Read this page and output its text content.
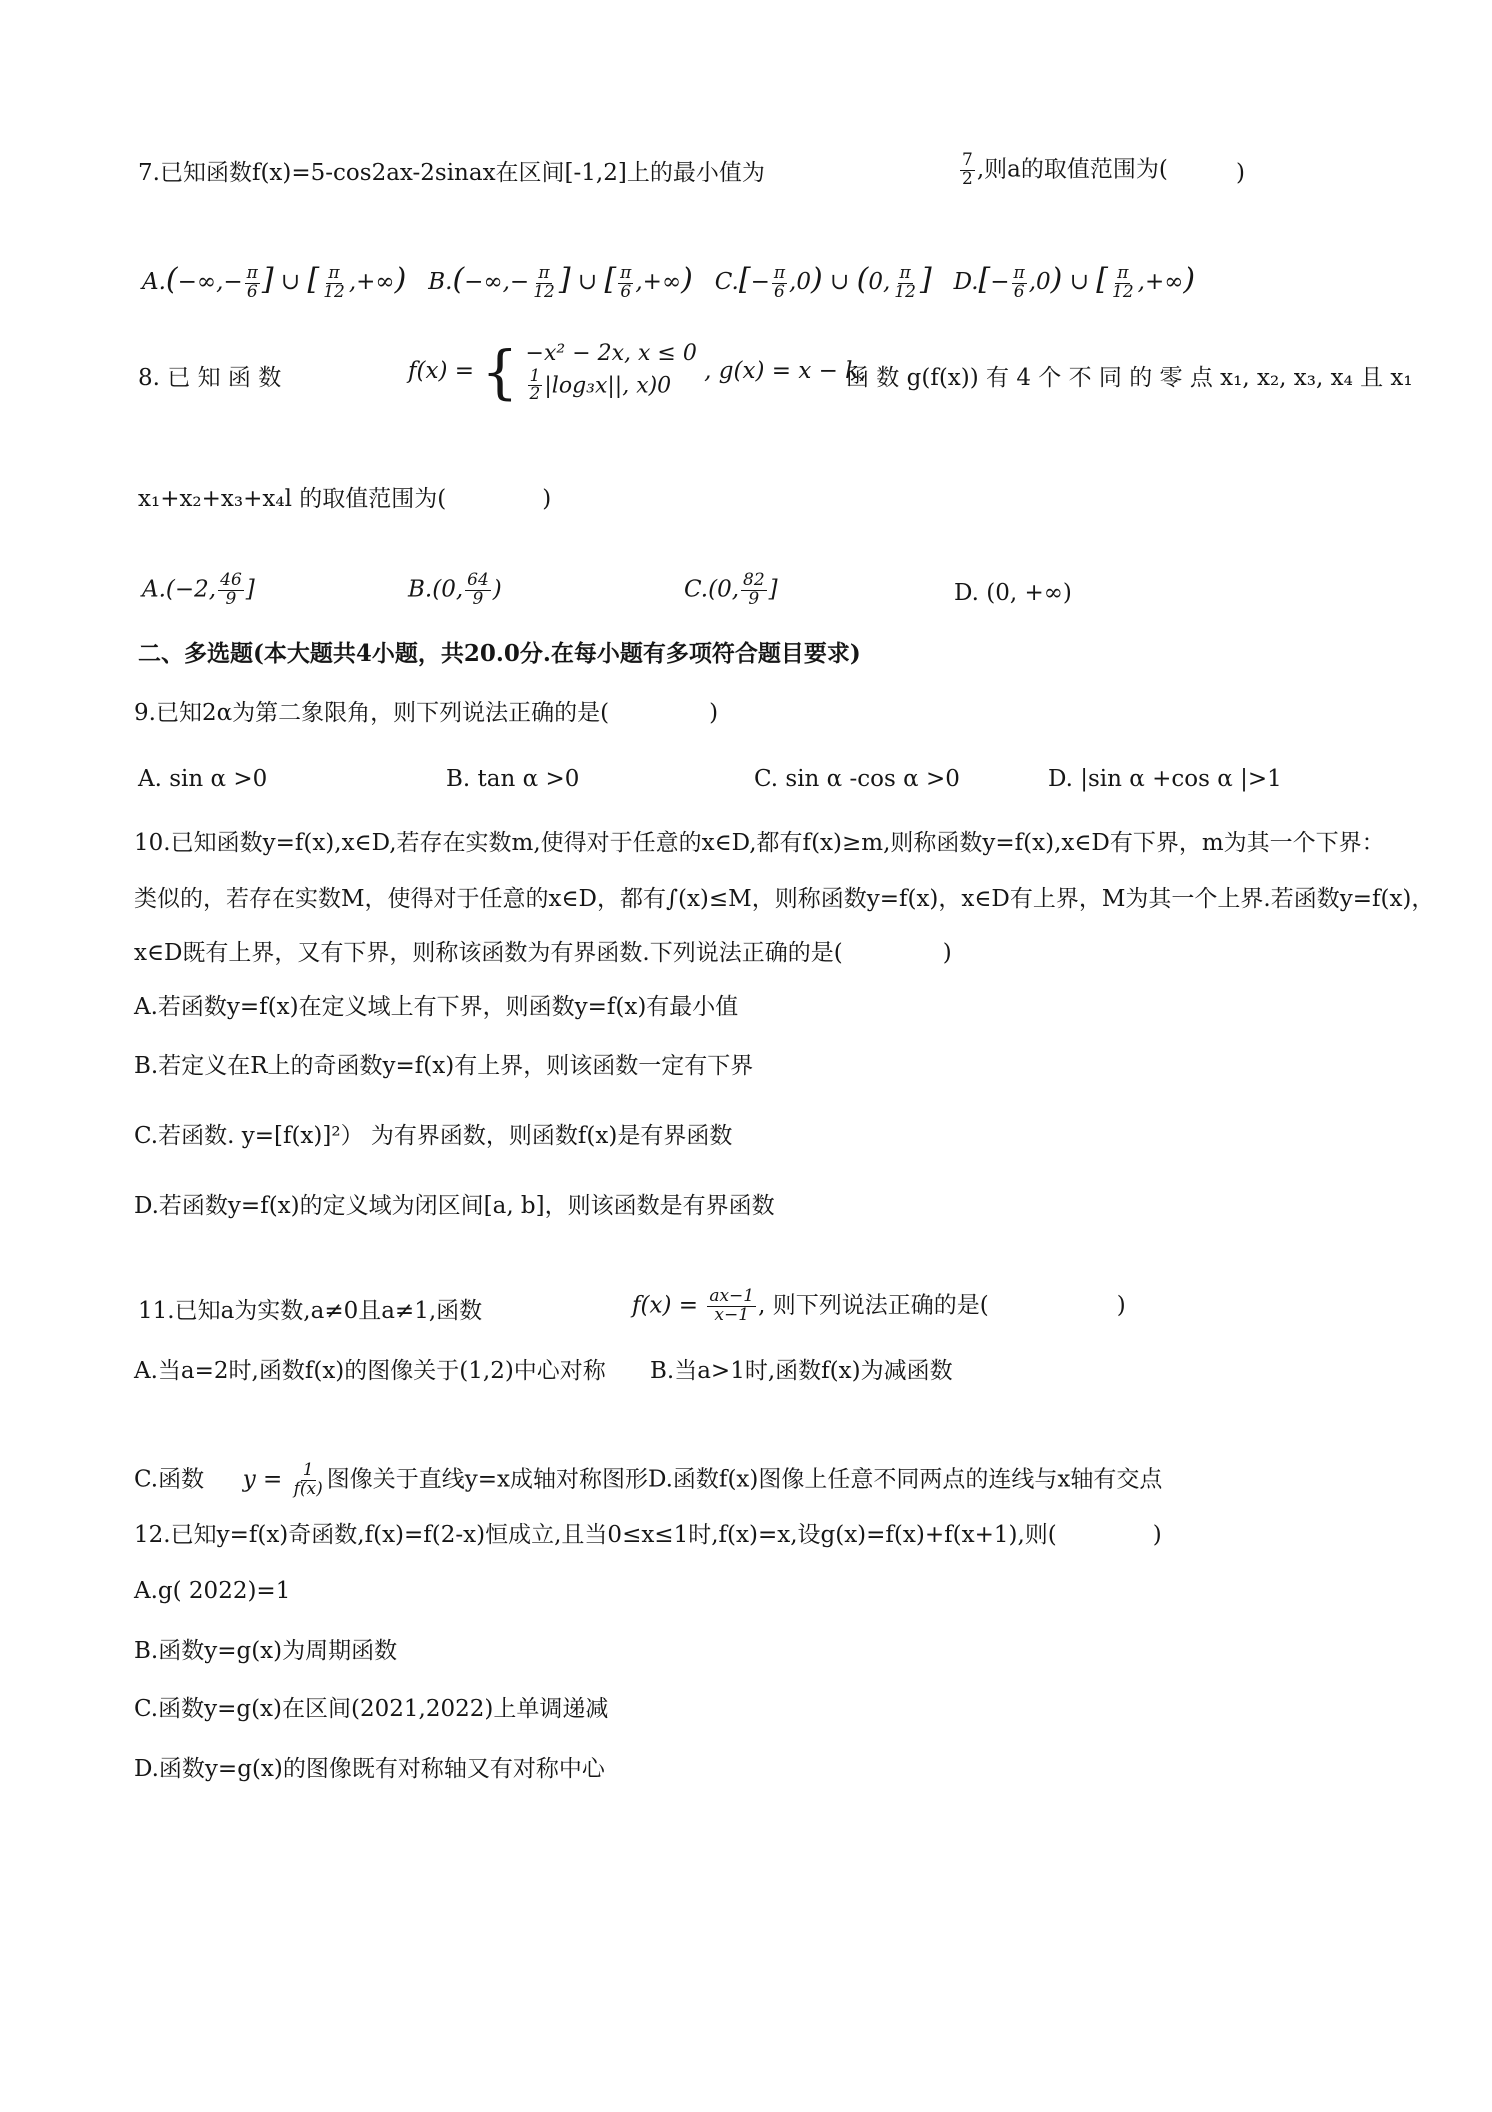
7.已知函数f(x)=5-cos2ax-2sinax在区间[-1,2]上的最小值为	$\frac{7}{2}$ ,则a的取值范围为(	)
$A.(-\infty,- \frac{\pi}{6}$ ] ∪ [ $\frac{\pi}{12}$ ,+∞) $B.(-\infty,- \frac{\pi}{12}$ ] ∪ [ $\frac{\pi}{6}$ ,+∞) $C.[- \frac{\pi}{6} ,0)$ ∪ (0, $\frac{\pi}{12}$ ] $D.[- \frac{\pi}{6} ,0)$ ∪ [ $\frac{\pi}{12}$ ,+∞)
8. 已 知 函 数	f(x) = { −x² − 2x, x ≤ 0
$\frac{1}{2} |\log_3x||$, x)0
, g(x) = x − k,
函 数 g(f(x)) 有 4 个 不 同 的 零 点 x₁, x₂, x₃, x₄ 且 x₁
x₁+x₂+x₃+x₄l 的取值范围为(	)
A.(−2, $\frac{46}{9}$ ]	B.(0, $\frac{64}{9}$ )	C.(0, $\frac{82}{9}$ ]	D. (0, +∞)
二、多选题(本大题共4小题，共20.0分.在每小题有多项符合题目要求)
9.已知2α为第二象限角，则下列说法正确的是(	)
A. sin α >0	B. tan α >0	C. sin α -cos α >0	D. |sin α +cos α |>1
10.已知函数y=f(x),x∈D,若存在实数m,使得对于任意的x∈D,都有f(x)≥m,则称函数y=f(x),x∈D有下界，m为其一个下界：
类似的，若存在实数M，使得对于任意的x∈D，都有∫(x)≤M，则称函数y=f(x)，x∈D有上界，M为其一个上界.若函数y=f(x)，
x∈D既有上界，又有下界，则称该函数为有界函数.下列说法正确的是(	)
A.若函数y=f(x)在定义域上有下界，则函数y=f(x)有最小值
B.若定义在R上的奇函数y=f(x)有上界，则该函数一定有下界
C.若函数. y=[f(x)]²） 为有界函数，则函数f(x)是有界函数
D.若函数y=f(x)的定义域为闭区间[a, b]，则该函数是有界函数
11.已知a为实数,a≠0且a≠1,函数	$f(x) = \frac{ax-1}{x-1}$ , 则下列说法正确的是(	)
A.当a=2时,函数f(x)的图像关于(1,2)中心对称 B.当a>1时,函数f(x)为减函数
C.函数 $y = \frac{1}{f(x)}$ 图像关于直线y=x成轴对称图形D.函数f(x)图像上任意不同两点的连线与x轴有交点
12.已知y=f(x)奇函数,f(x)=f(2-x)恒成立,且当0≤x≤1时,f(x)=x,设g(x)=f(x)+f(x+1),则(	)
A.g( 2022)=1
B.函数y=g(x)为周期函数
C.函数y=g(x)在区间(2021,2022)上单调递减
D.函数y=g(x)的图像既有对称轴又有对称中心
